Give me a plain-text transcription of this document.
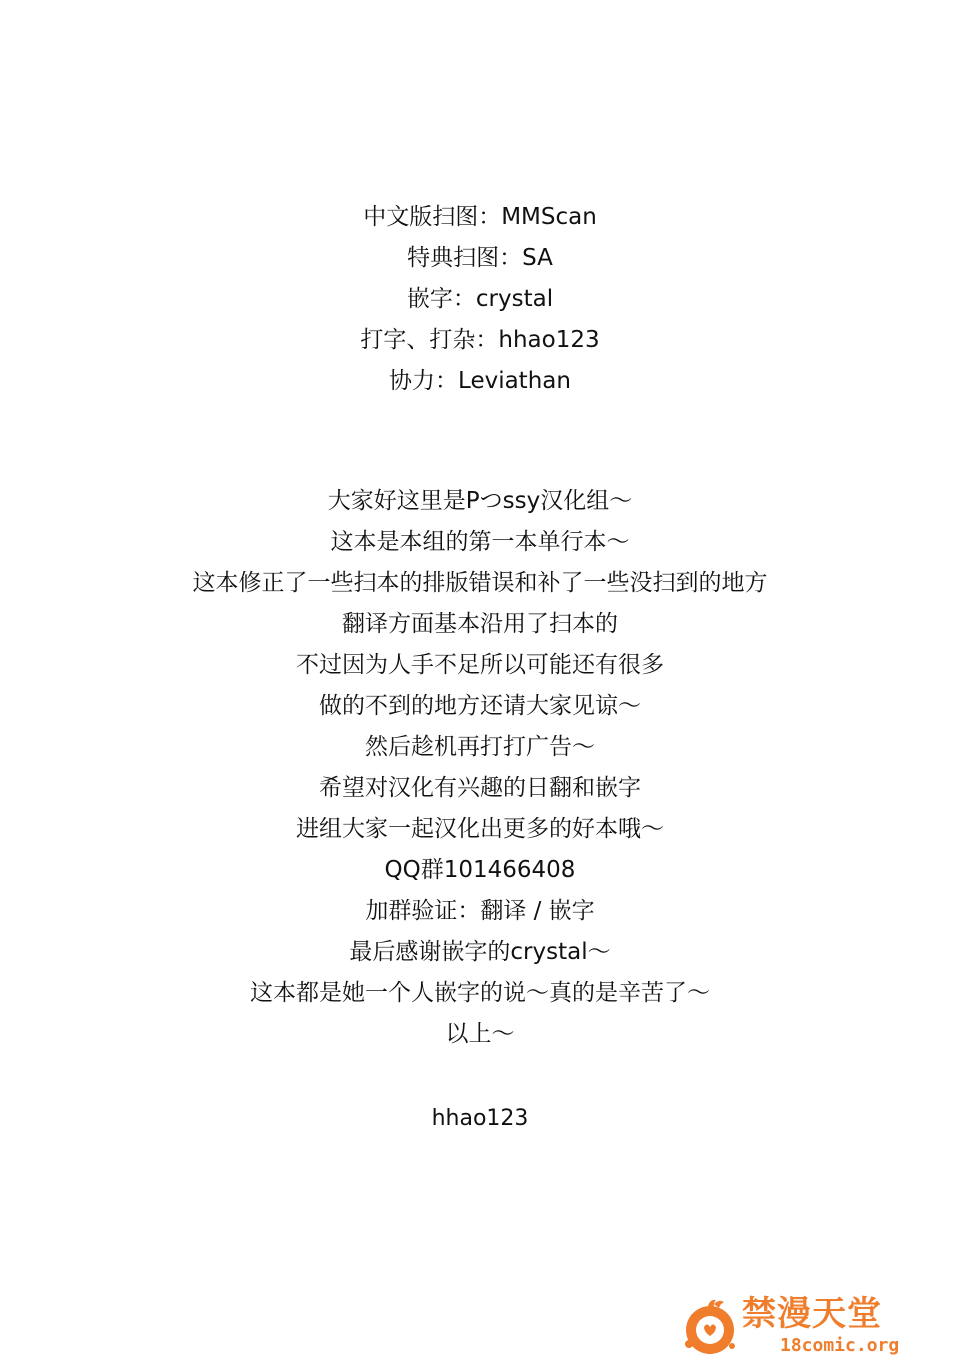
中文版扫图：MMScan
特典扫图：SA
嵌字：crystal
打字、打杂：hhao123
协力：Leviathan
大家好这里是Pつssy汉化组～
这本是本组的第一本单行本～
这本修正了一些扫本的排版错误和补了一些没扫到的地方
翻译方面基本沿用了扫本的
不过因为人手不足所以可能还有很多
做的不到的地方还请大家见谅～
然后趁机再打打广告～
希望对汉化有兴趣的日翻和嵌字
进组大家一起汉化出更多的好本哦～
QQ群101466408
加群验证：翻译 / 嵌字
最后感谢嵌字的crystal～
这本都是她一个人嵌字的说～真的是辛苦了～
以上～
hhao123
禁漫天堂
18comic.org
